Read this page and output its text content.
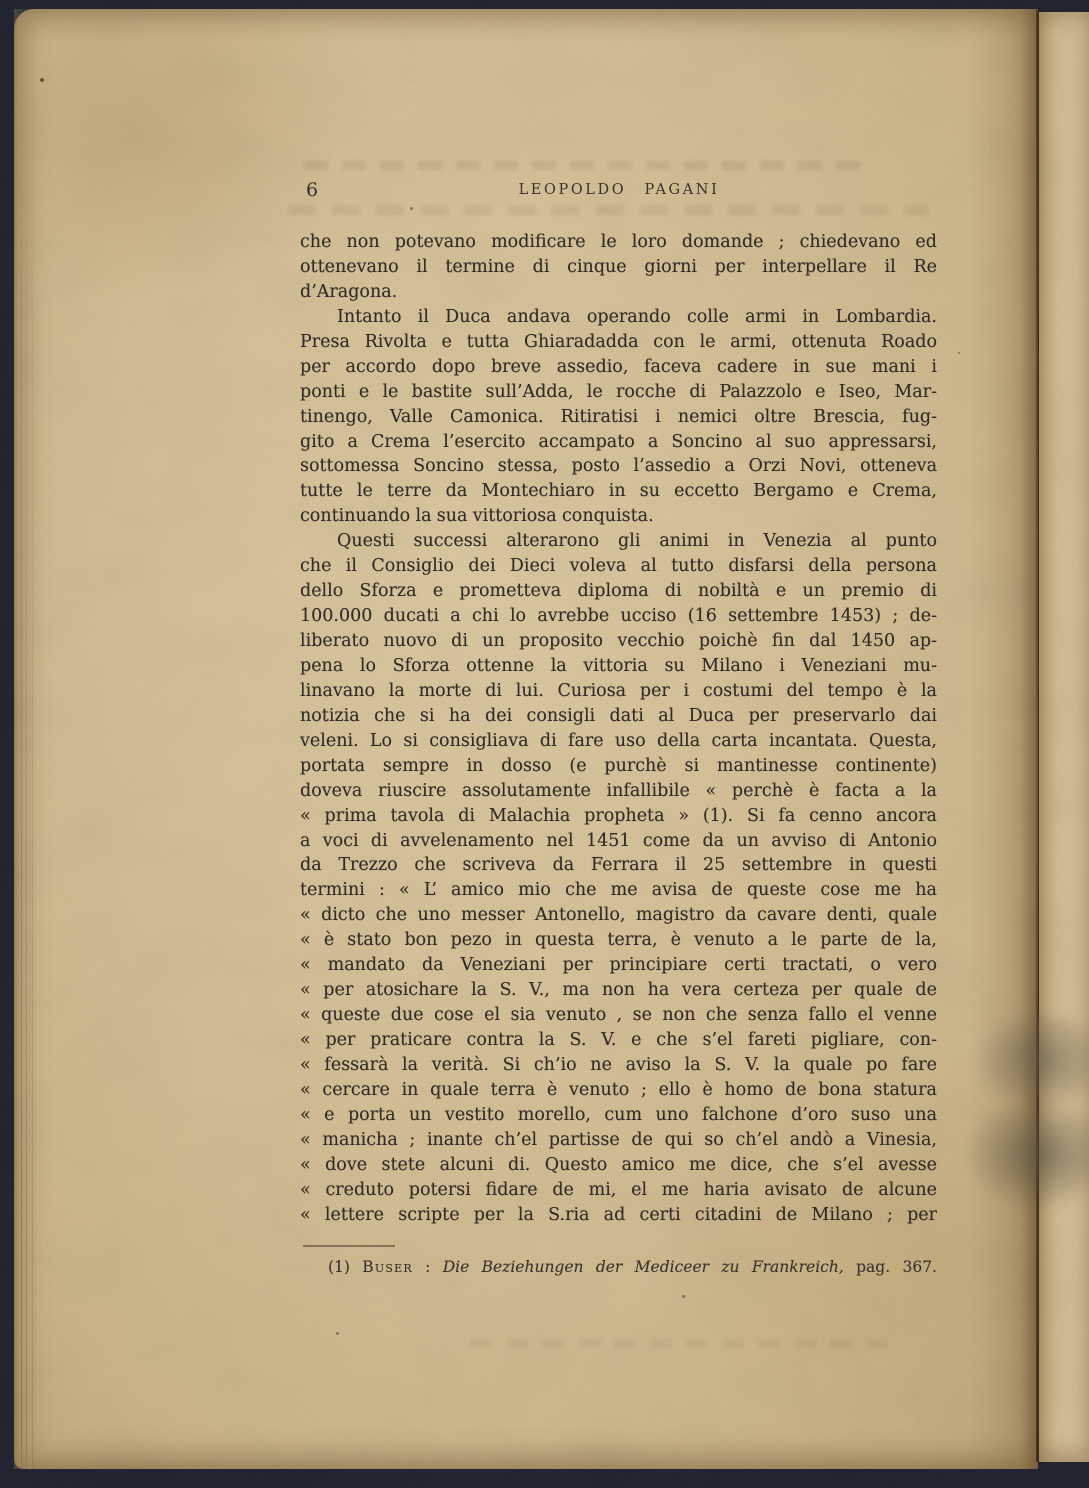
6	LEOPOLDO PAGANI
che non potevano modificare le loro domande ; chiedevano ed
ottenevano il termine di cinque giorni per interpellare il Re
d’Aragona.
Intanto il Duca andava operando colle armi in Lombardia.
Presa Rivolta e tutta Ghiaradadda con le armi, ottenuta Roado
per accordo dopo breve assedio, faceva cadere in sue mani i
ponti e le bastite sull’Adda, le rocche di Palazzolo e Iseo, Mar-
tinengo, Valle Camonica. Ritiratisi i nemici oltre Brescia, fug-
gito a Crema l’esercito accampato a Soncino al suo appressarsi,
sottomessa Soncino stessa, posto l’assedio a Orzi Novi, otteneva
tutte le terre da Montechiaro in su eccetto Bergamo e Crema,
continuando la sua vittoriosa conquista.
Questi successi alterarono gli animi in Venezia al punto
che il Consiglio dei Dieci voleva al tutto disfarsi della persona
dello Sforza e prometteva diploma di nobiltà e un premio di
100.000 ducati a chi lo avrebbe ucciso (16 settembre 1453) ; de-
liberato nuovo di un proposito vecchio poichè fin dal 1450 ap-
pena lo Sforza ottenne la vittoria su Milano i Veneziani mu-
linavano la morte di lui. Curiosa per i costumi del tempo è la
notizia che si ha dei consigli dati al Duca per preservarlo dai
veleni. Lo si consigliava di fare uso della carta incantata. Questa,
portata sempre in dosso (e purchè si mantinesse continente)
doveva riuscire assolutamente infallibile « perchè è facta a la
« prima tavola di Malachia propheta » (1). Si fa cenno ancora
a voci di avvelenamento nel 1451 come da un avviso di Antonio
da Trezzo che scriveva da Ferrara il 25 settembre in questi
termini : « L’ amico mio che me avisa de queste cose me ha
« dicto che uno messer Antonello, magistro da cavare denti, quale
« è stato bon pezo in questa terra, è venuto a le parte de la,
« mandato da Veneziani per principiare certi tractati, o vero
« per atosichare la S. V., ma non ha vera certeza per quale de
« queste due cose el sia venuto , se non che senza fallo el venne
« per praticare contra la S. V. e che s’el fareti pigliare, con-
« fessarà la verità. Si ch’io ne aviso la S. V. la quale po fare
« cercare in quale terra è venuto ; ello è homo de bona statura
« e porta un vestito morello, cum uno falchone d’oro suso una
« manicha ; inante ch’el partisse de qui so ch’el andò a Vinesia,
« dove stete alcuni di. Questo amico me dice, che s’el avesse
« creduto potersi fidare de mi, el me haria avisato de alcune
« lettere scripte per la S.ria ad certi citadini de Milano ; per
(1) Buser : Die Beziehungen der Mediceer zu Frankreich, pag. 367.
